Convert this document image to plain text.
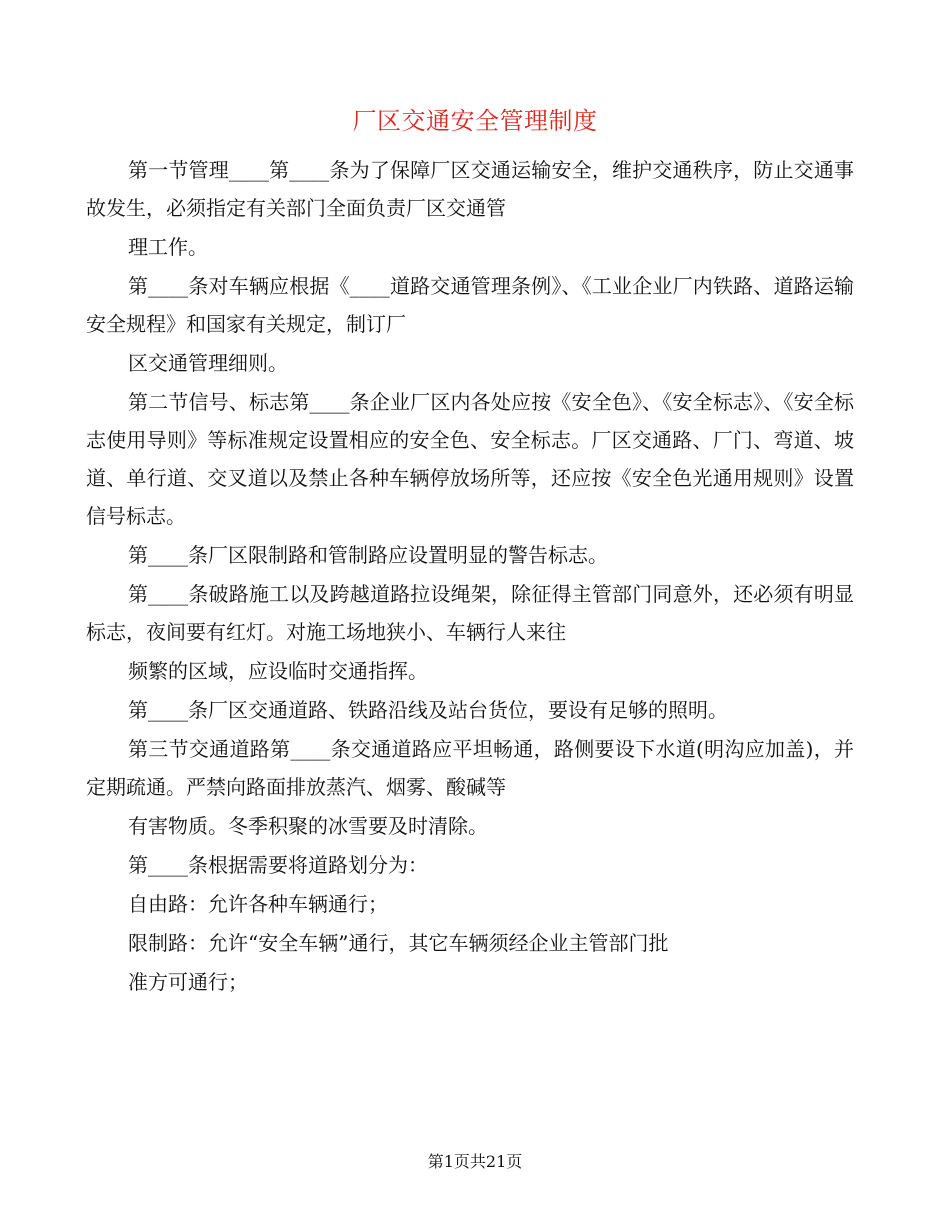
厂区交通安全管理制度

第一节管理____第____条为了保障厂区交通运输安全，维护交通秩序，防止交通事故发生，必须指定有关部门全面负责厂区交通管

理工作。

第____条对车辆应根据《____道路交通管理条例》、《工业企业厂内铁路、道路运输安全规程》和国家有关规定，制订厂

区交通管理细则。

第二节信号、标志第____条企业厂区内各处应按《安全色》、《安全标志》、《安全标志使用导则》等标准规定设置相应的安全色、安全标志。厂区交通路、厂门、弯道、坡道、单行道、交叉道以及禁止各种车辆停放场所等，还应按《安全色光通用规则》设置信号标志。

第____条厂区限制路和管制路应设置明显的警告标志。

第____条破路施工以及跨越道路拉设绳架，除征得主管部门同意外，还必须有明显标志，夜间要有红灯。对施工场地狭小、车辆行人来往

频繁的区域，应设临时交通指挥。

第____条厂区交通道路、铁路沿线及站台货位，要设有足够的照明。

第三节交通道路第____条交通道路应平坦畅通，路侧要设下水道(明沟应加盖)，并定期疏通。严禁向路面排放蒸汽、烟雾、酸碱等

有害物质。冬季积聚的冰雪要及时清除。

第____条根据需要将道路划分为：

自由路：允许各种车辆通行；

限制路：允许“安全车辆”通行，其它车辆须经企业主管部门批

准方可通行；

第1页共21页
